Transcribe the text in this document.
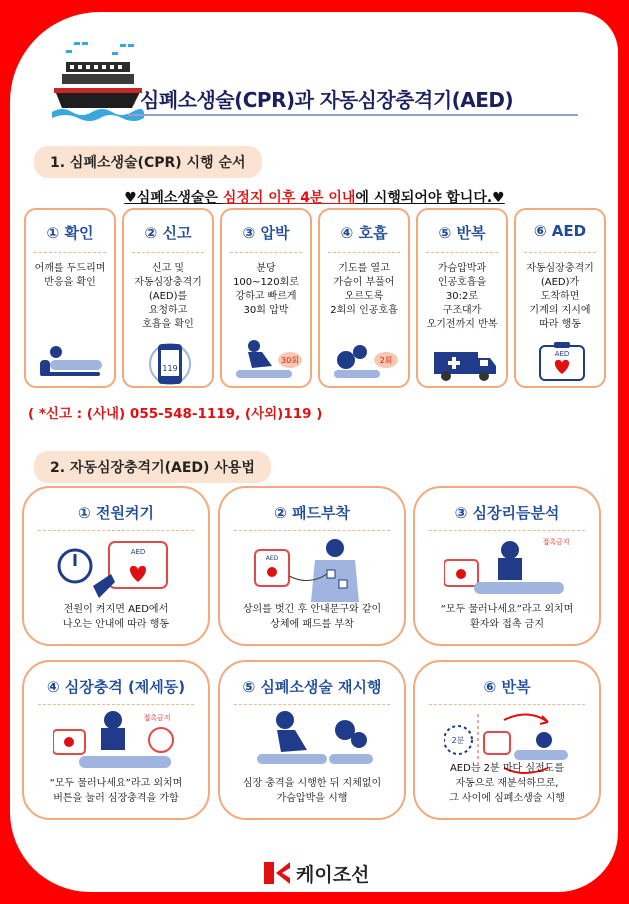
심폐소생술(CPR)과 자동심장충격기(AED)
1. 심폐소생술(CPR) 시행 순서
♥심폐소생술은 심정지 이후 4분 이내에 시행되어야 합니다.♥
① 확인
어깨를 두드리며
반응을 확인
② 신고
신고 및
자동심장충격기
(AED)를
요청하고
호흡을 확인
119
③ 압박
분당
100~120회로
강하고 빠르게
30회 압박
30회
④ 호흡
기도를 열고
가슴이 부풀어
오르도록
2회의 인공호흡
2회
⑤ 반복
가슴압박과
인공호흡을
30:2로
구조대가
오기전까지 반복
⑥ AED
자동심장충격기
(AED)가
도착하면
기계의 지시에
따라 행동
AED
( *신고 : (사내) 055-548-1119, (사외)119 )
2. 자동심장충격기(AED) 사용법
① 전원켜기
AED
전원이 켜지면 AED에서
나오는 안내에 따라 행동
② 패드부착
AED
상의를 벗긴 후 안내문구와 같이
상체에 패드를 부착
③ 심장리듬분석
접촉금지
“모두 물러나세요”라고 외치며
환자와 접촉 금지
④ 심장충격 (제세동)
접촉금지
“모두 물러나세요”라고 외치며
버튼을 눌러 심장충격을 가함
⑤ 심폐소생술 재시행
심장 충격을 시행한 뒤 지체없이
가슴압박을 시행
⑥ 반복
2분
AED는 2분 마다 심전도를
자동으로 재분석하므로,
그 사이에 심폐소생술 시행
케이조선
